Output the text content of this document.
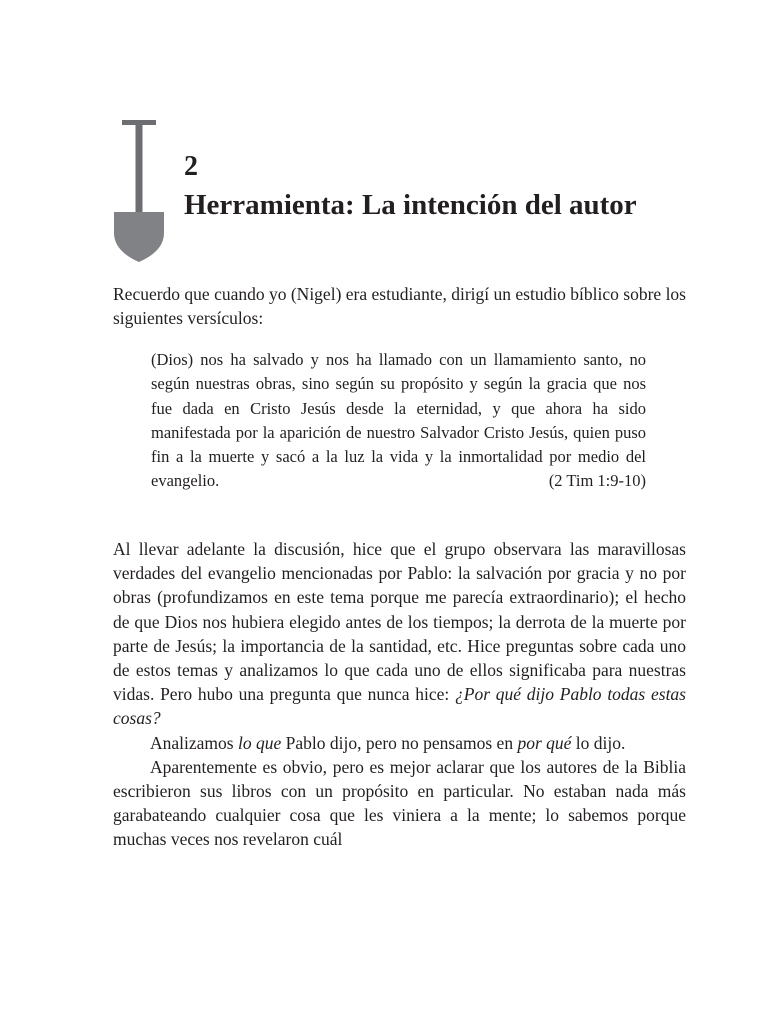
2
Herramienta: La intención del autor

Recuerdo que cuando yo (Nigel) era estudiante, dirigí un estudio bíblico sobre los siguientes versículos:

(Dios) nos ha salvado y nos ha llamado con un llamamiento santo, no según nuestras obras, sino según su propósito y según la gracia que nos fue dada en Cristo Jesús desde la eternidad, y que ahora ha sido manifestada por la aparición de nuestro Salvador Cristo Jesús, quien puso fin a la muerte y sacó a la luz la vida y la inmortalidad por medio del evangelio.	(2 Tim 1:9-10)

Al llevar adelante la discusión, hice que el grupo observara las maravillosas verdades del evangelio mencionadas por Pablo: la salvación por gracia y no por obras (profundizamos en este tema porque me parecía extraordinario); el hecho de que Dios nos hubiera elegido antes de los tiempos; la derrota de la muerte por parte de Jesús; la importancia de la santidad, etc. Hice preguntas sobre cada uno de estos temas y analizamos lo que cada uno de ellos significaba para nuestras vidas. Pero hubo una pregunta que nunca hice: ¿Por qué dijo Pablo todas estas cosas?

Analizamos lo que Pablo dijo, pero no pensamos en por qué lo dijo.

Aparentemente es obvio, pero es mejor aclarar que los autores de la Biblia escribieron sus libros con un propósito en particular. No estaban nada más garabateando cualquier cosa que les viniera a la mente; lo sabemos porque muchas veces nos revelaron cuál
